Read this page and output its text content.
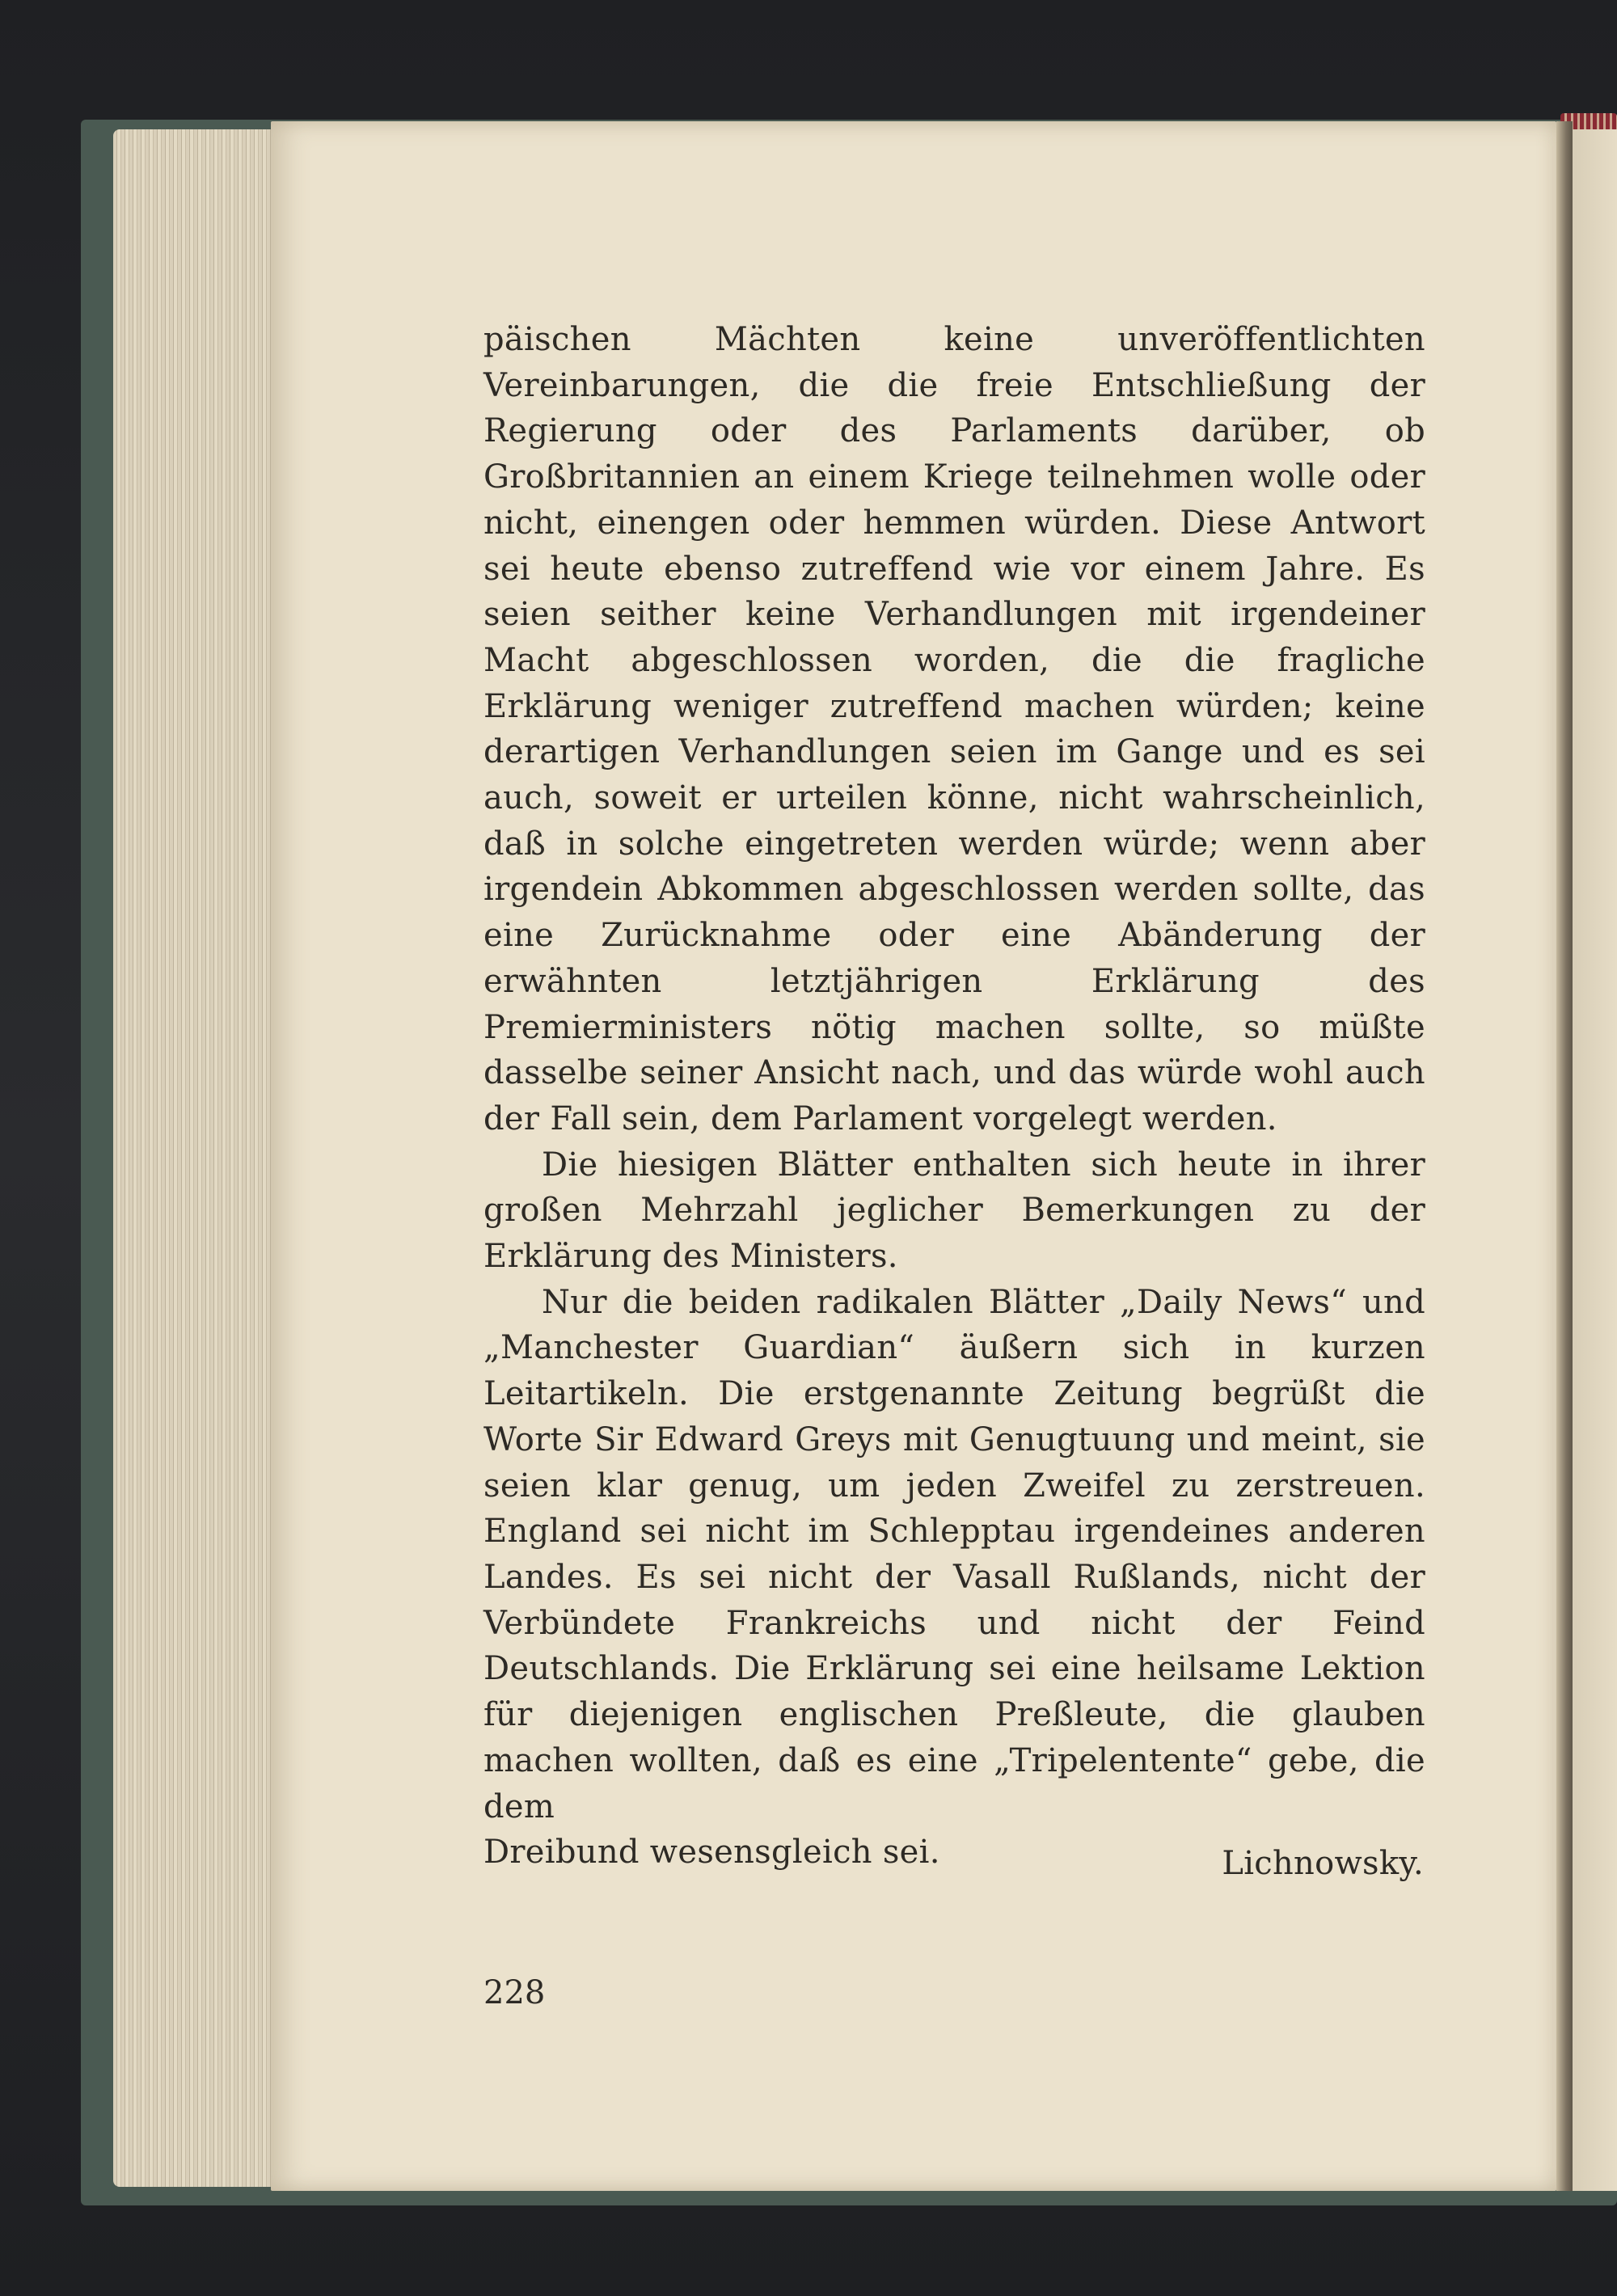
päischen Mächten keine unveröffentlichten Vereinbarungen, die die freie Entschließung der Regierung oder des Parlaments darüber, ob Großbritannien an einem Kriege teilnehmen wolle oder nicht, einengen oder hemmen würden. Diese Antwort sei heute ebenso zutreffend wie vor einem Jahre. Es seien seither keine Verhandlungen mit irgendeiner Macht abgeschlossen worden, die die fragliche Erklärung weniger zutreffend machen würden; keine derartigen Verhandlungen seien im Gange und es sei auch, soweit er urteilen könne, nicht wahrscheinlich, daß in solche eingetreten werden würde; wenn aber irgendein Abkommen abgeschlossen werden sollte, das eine Zurücknahme oder eine Abänderung der erwähnten letztjährigen Erklärung des Premierministers nötig machen sollte, so müßte dasselbe seiner Ansicht nach, und das würde wohl auch der Fall sein, dem Parlament vorgelegt werden.

Die hiesigen Blätter enthalten sich heute in ihrer großen Mehrzahl jeglicher Bemerkungen zu der Erklärung des Ministers.

Nur die beiden radikalen Blätter „Daily News“ und „Manchester Guardian“ äußern sich in kurzen Leitartikeln. Die erstgenannte Zeitung begrüßt die Worte Sir Edward Greys mit Genugtuung und meint, sie seien klar genug, um jeden Zweifel zu zerstreuen. England sei nicht im Schlepptau irgendeines anderen Landes. Es sei nicht der Vasall Rußlands, nicht der Verbündete Frankreichs und nicht der Feind Deutschlands. Die Erklärung sei eine heilsame Lektion für diejenigen englischen Preßleute, die glauben machen wollten, daß es eine „Tripelentente“ gebe, die dem

Dreibund wesensgleich sei.	Lichnowsky.
228
